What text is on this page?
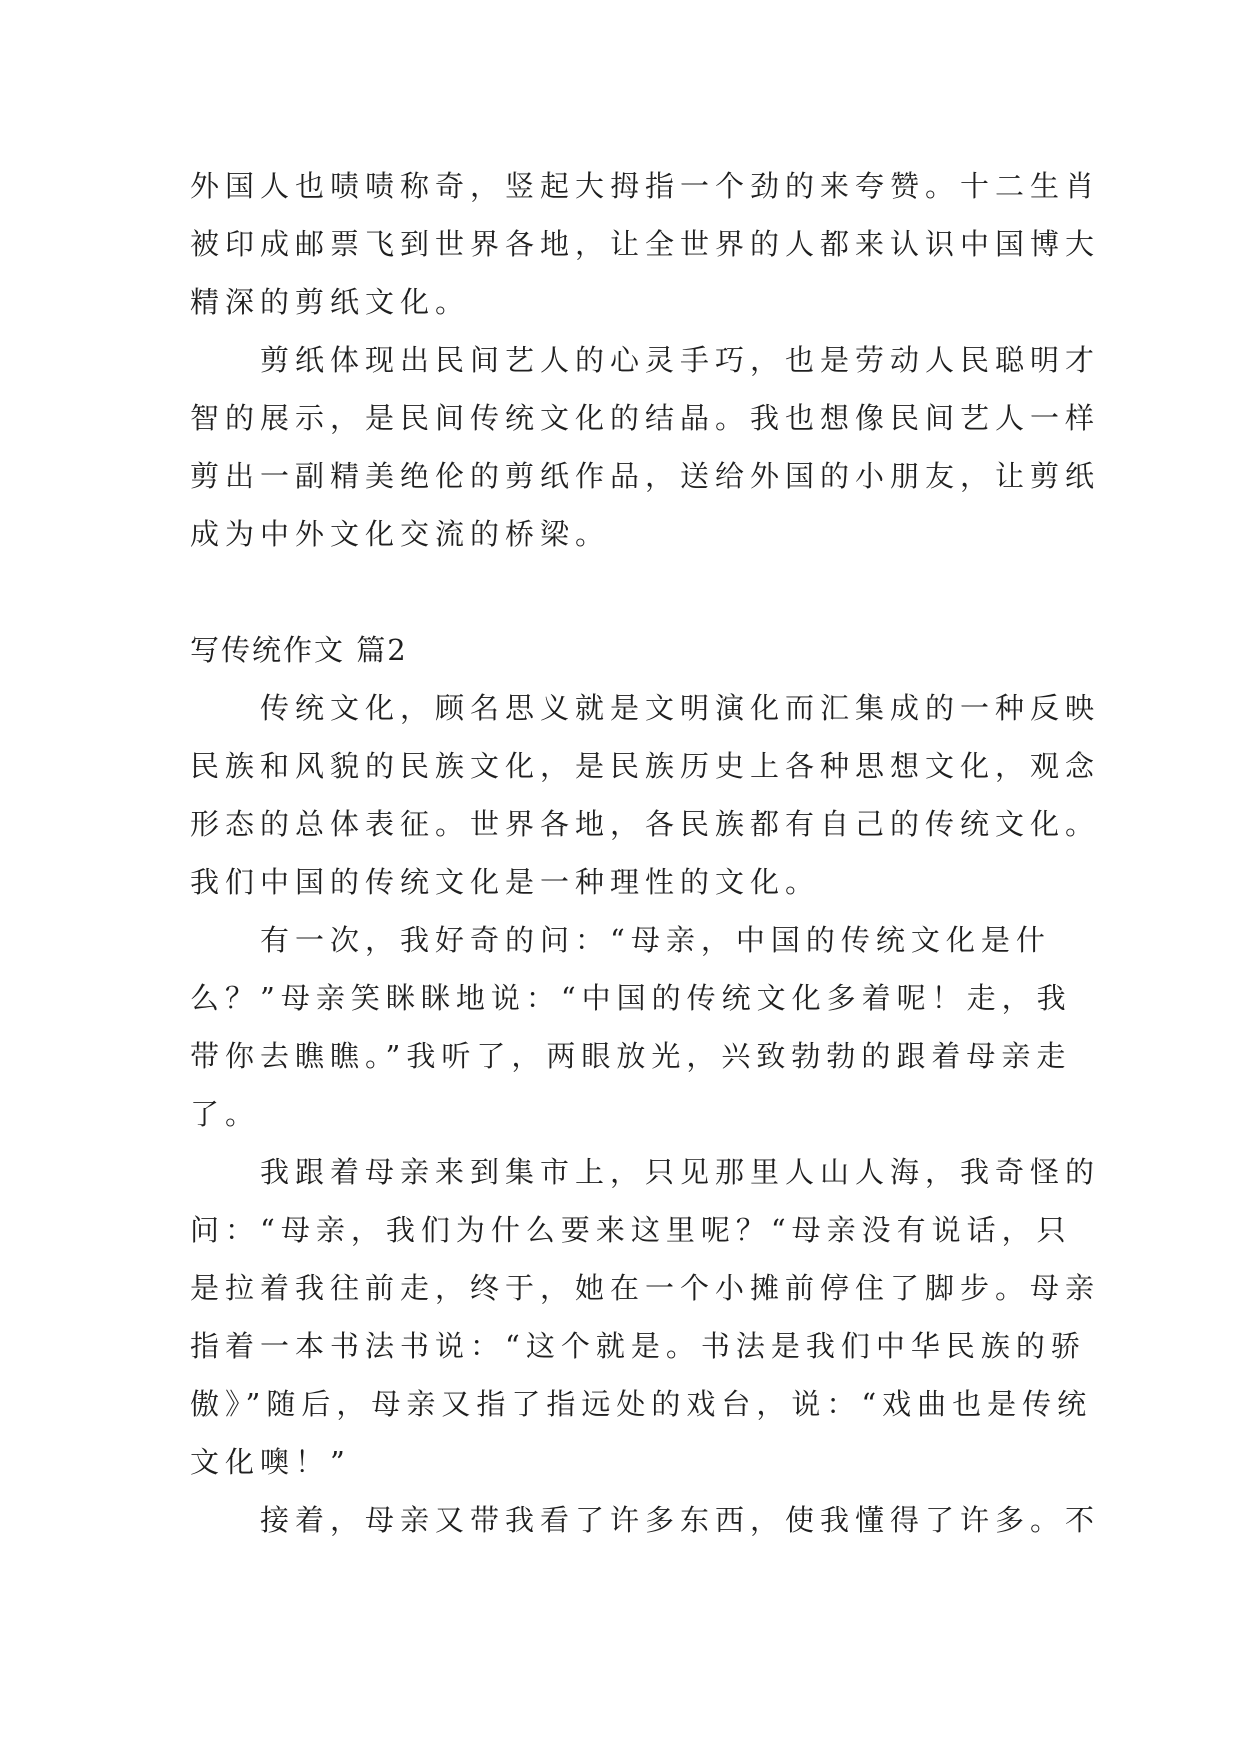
外国人也啧啧称奇，竖起大拇指一个劲的来夸赞。十二生肖
被印成邮票飞到世界各地，让全世界的人都来认识中国博大
精深的剪纸文化。
　　剪纸体现出民间艺人的心灵手巧，也是劳动人民聪明才
智的展示，是民间传统文化的结晶。我也想像民间艺人一样
剪出一副精美绝伦的剪纸作品，送给外国的小朋友，让剪纸
成为中外文化交流的桥梁。
写传统作文 篇2
　　传统文化，顾名思义就是文明演化而汇集成的一种反映
民族和风貌的民族文化，是民族历史上各种思想文化，观念
形态的总体表征。世界各地，各民族都有自己的传统文化。
我们中国的传统文化是一种理性的文化。
　　有一次，我好奇的问：“母亲，中国的传统文化是什
么？”母亲笑眯眯地说：“中国的传统文化多着呢！走，我
带你去瞧瞧。”我听了，两眼放光，兴致勃勃的跟着母亲走
了。
　　我跟着母亲来到集市上，只见那里人山人海，我奇怪的
问：“母亲，我们为什么要来这里呢？“母亲没有说话，只
是拉着我往前走，终于，她在一个小摊前停住了脚步。母亲
指着一本书法书说：“这个就是。书法是我们中华民族的骄
傲》”随后，母亲又指了指远处的戏台，说：“戏曲也是传统
文化噢！”
　　接着，母亲又带我看了许多东西，使我懂得了许多。不
